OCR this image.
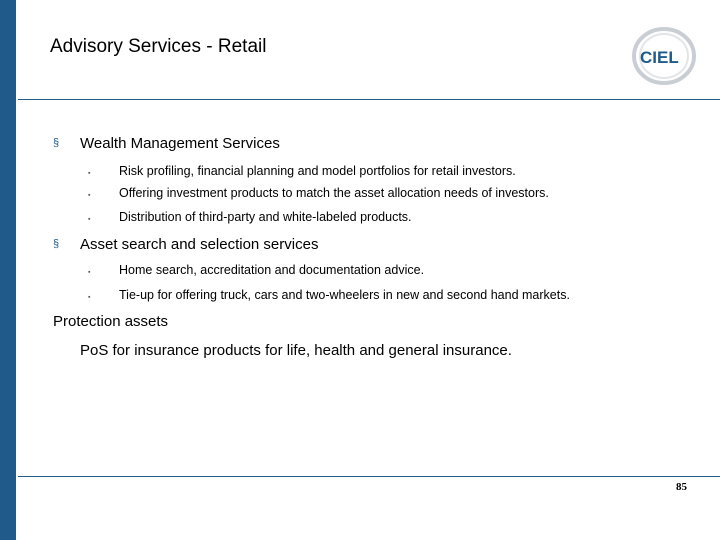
Advisory Services - Retail
CIEL
§ Wealth Management Services
▪ Risk profiling, financial planning and model portfolios for retail investors.
▪ Offering investment products to match the asset allocation needs of investors.
▪ Distribution of third-party and white-labeled products.
§ Asset search and selection services
▪ Home search, accreditation and documentation advice.
▪ Tie-up for offering truck, cars and two-wheelers in new and second hand markets.
Protection assets
PoS for insurance products for life, health and general insurance.
85
